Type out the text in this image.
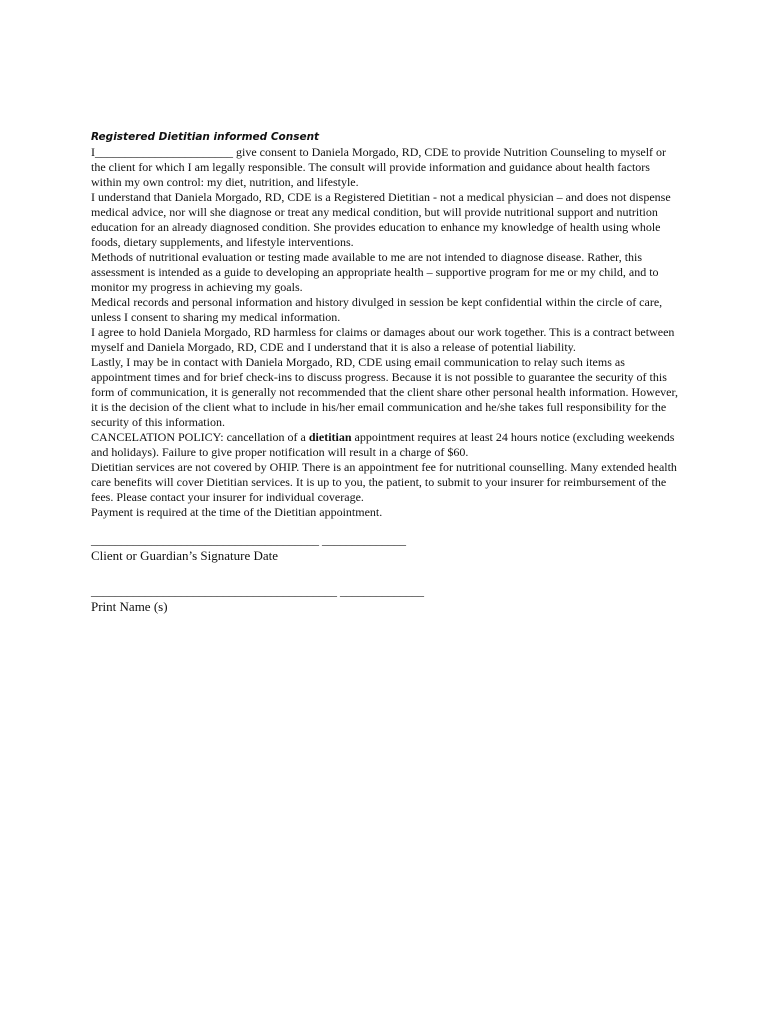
Registered Dietitian informed Consent

I_______________________ give consent to Daniela Morgado, RD, CDE to provide Nutrition Counseling to myself or the client for which I am legally responsible. The consult will provide information and guidance about health factors within my own control: my diet, nutrition, and lifestyle.

I understand that Daniela Morgado, RD, CDE is a Registered Dietitian - not a medical physician – and does not dispense medical advice, nor will she diagnose or treat any medical condition, but will provide nutritional support and nutrition education for an already diagnosed condition. She provides education to enhance my knowledge of health using whole foods, dietary supplements, and lifestyle interventions.

Methods of nutritional evaluation or testing made available to me are not intended to diagnose disease. Rather, this assessment is intended as a guide to developing an appropriate health – supportive program for me or my child, and to monitor my progress in achieving my goals.

Medical records and personal information and history divulged in session be kept confidential within the circle of care, unless I consent to sharing my medical information.

I agree to hold Daniela Morgado, RD harmless for claims or damages about our work together. This is a contract between myself and Daniela Morgado, RD, CDE and I understand that it is also a release of potential liability.

Lastly, I may be in contact with Daniela Morgado, RD, CDE using email communication to relay such items as appointment times and for brief check-ins to discuss progress. Because it is not possible to guarantee the security of this form of communication, it is generally not recommended that the client share other personal health information. However, it is the decision of the client what to include in his/her email communication and he/she takes full responsibility for the security of this information.

CANCELATION POLICY: cancellation of a dietitian appointment requires at least 24 hours notice (excluding weekends and holidays). Failure to give proper notification will result in a charge of $60.

Dietitian services are not covered by OHIP. There is an appointment fee for nutritional counselling. Many extended health care benefits will cover Dietitian services. It is up to you, the patient, to submit to your insurer for reimbursement of the fees. Please contact your insurer for individual coverage.

Payment is required at the time of the Dietitian appointment.

______________________________________ ______________

Client or Guardian’s Signature Date

_________________________________________ ______________

Print Name (s)
